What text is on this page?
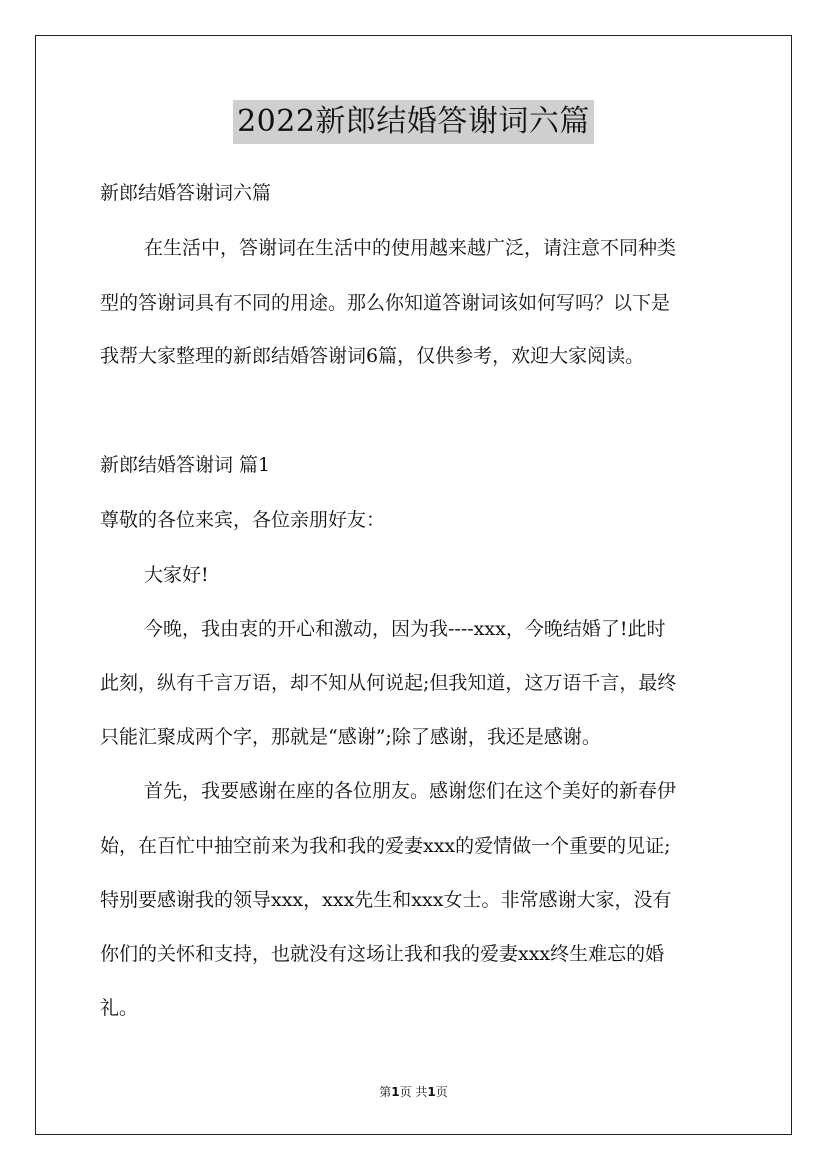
2022新郎结婚答谢词六篇
新郎结婚答谢词六篇
在生活中，答谢词在生活中的使用越来越广泛，请注意不同种类
型的答谢词具有不同的用途。那么你知道答谢词该如何写吗？以下是
我帮大家整理的新郎结婚答谢词6篇，仅供参考，欢迎大家阅读。
新郎结婚答谢词 篇1
尊敬的各位来宾，各位亲朋好友：
大家好!
今晚，我由衷的开心和激动，因为我----xxx，今晚结婚了!此时
此刻，纵有千言万语，却不知从何说起;但我知道，这万语千言，最终
只能汇聚成两个字，那就是“感谢”;除了感谢，我还是感谢。
首先，我要感谢在座的各位朋友。感谢您们在这个美好的新春伊
始，在百忙中抽空前来为我和我的爱妻xxx的爱情做一个重要的见证;
特别要感谢我的领导xxx，xxx先生和xxx女士。非常感谢大家，没有
你们的关怀和支持，也就没有这场让我和我的爱妻xxx终生难忘的婚
礼。
第1页 共1页
